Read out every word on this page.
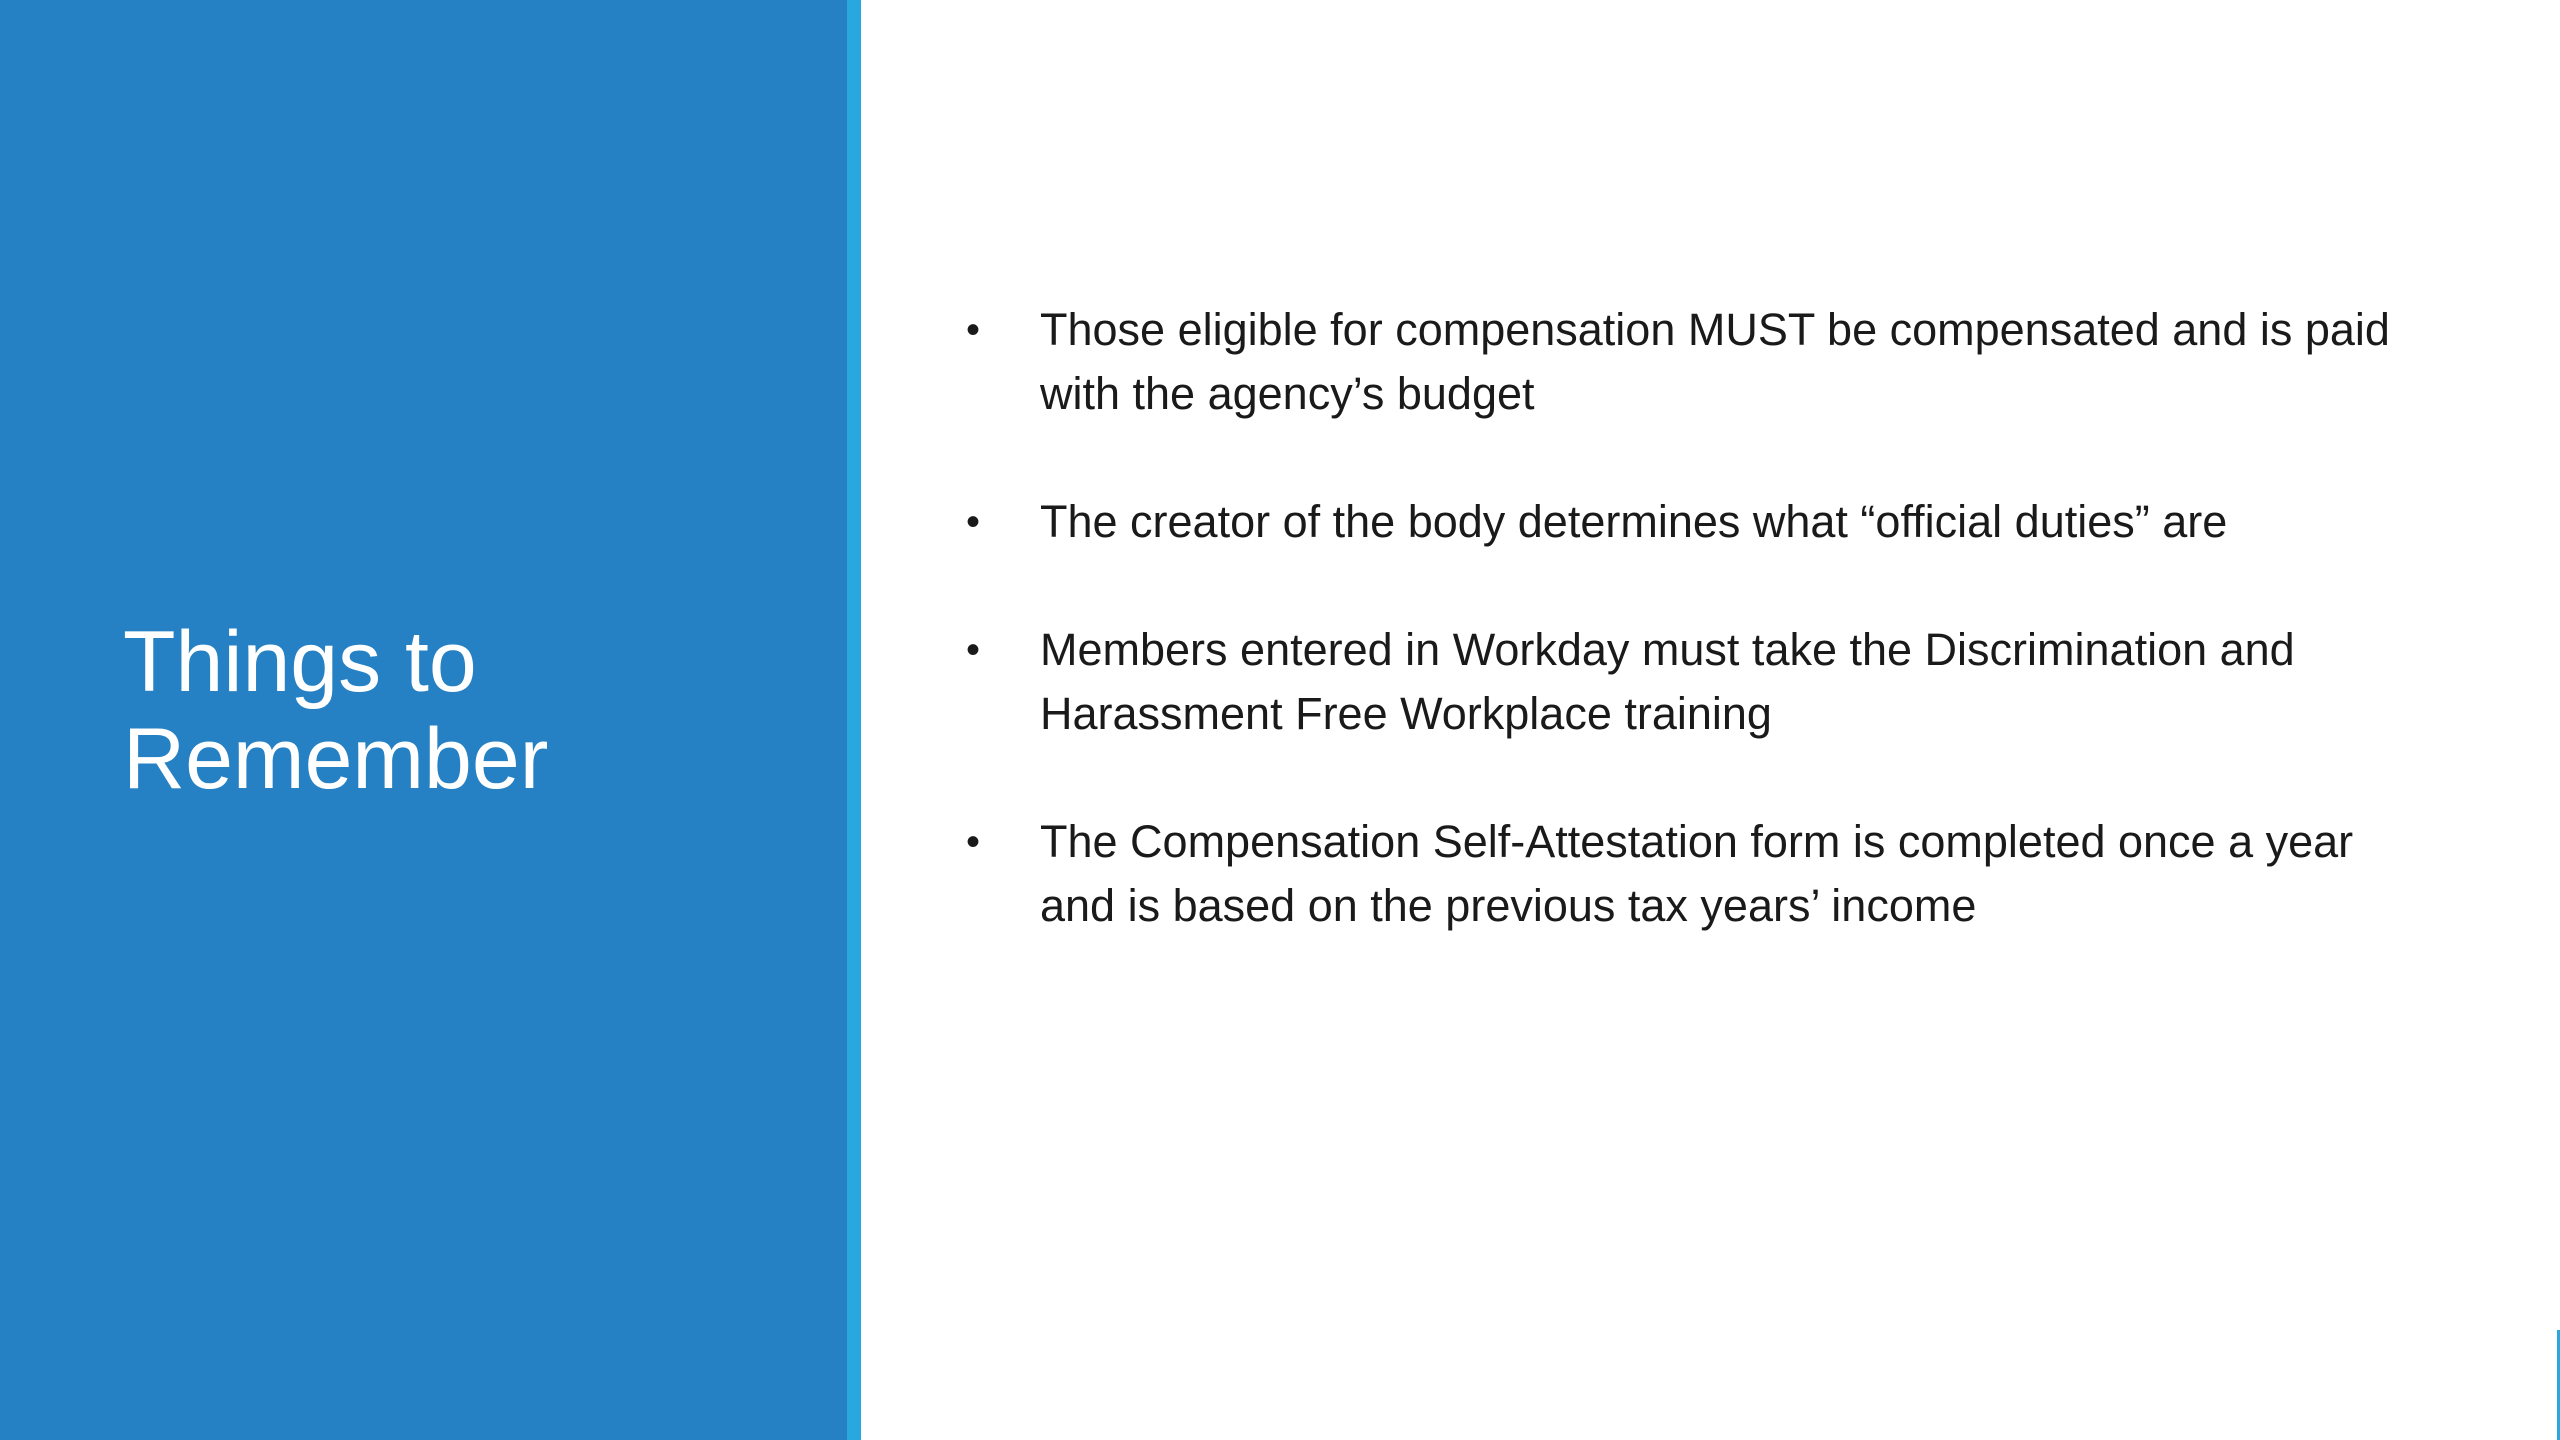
Things to
Remember
• Those eligible for compensation MUST be compensated and is paid with the agency’s budget
• The creator of the body determines what “official duties” are
• Members entered in Workday must take the Discrimination and Harassment Free Workplace training
• The Compensation Self-Attestation form is completed once a year and is based on the previous tax years’ income
